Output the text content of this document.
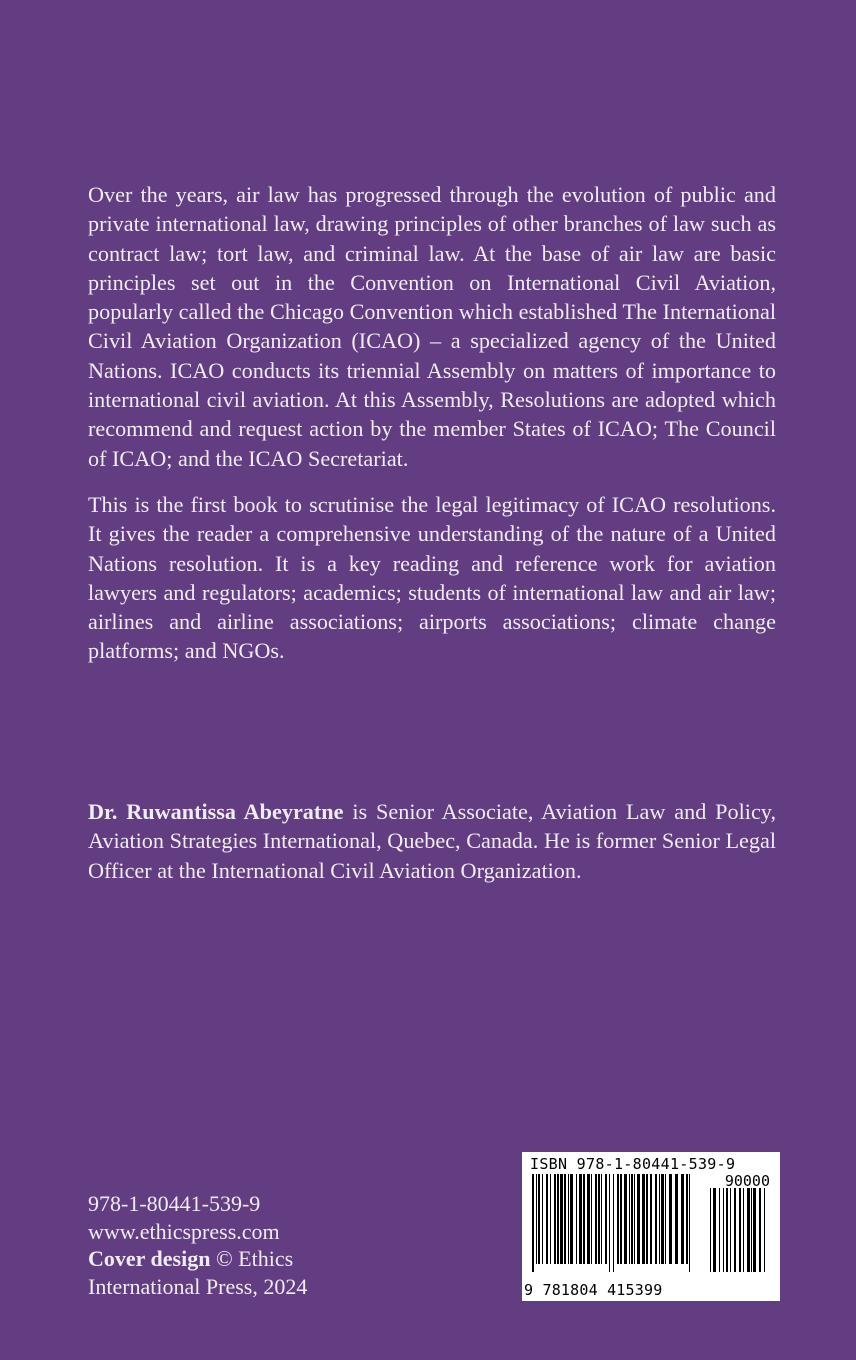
Over the years, air law has progressed through the evolution of public and private international law, drawing principles of other branches of law such as contract law; tort law, and criminal law. At the base of air law are basic principles set out in the Convention on International Civil Aviation, popularly called the Chicago Convention which established The International Civil Aviation Organization (ICAO) – a specialized agency of the United Nations. ICAO conducts its triennial Assembly on matters of importance to international civil aviation. At this Assembly, Resolutions are adopted which recommend and request action by the member States of ICAO; The Council of ICAO; and the ICAO Secretariat.

This is the first book to scrutinise the legal legitimacy of ICAO resolutions. It gives the reader a comprehensive understanding of the nature of a United Nations resolution. It is a key reading and reference work for aviation lawyers and regulators; academics; students of international law and air law; airlines and airline associations; airports associations; climate change platforms; and NGOs.

Dr. Ruwantissa Abeyratne is Senior Associate, Aviation Law and Policy, Aviation Strategies International, Quebec, Canada. He is former Senior Legal Officer at the International Civil Aviation Organization.

978-1-80441-539-9
www.ethicspress.com
Cover design © Ethics
International Press, 2024
ISBN 978-1-80441-539-9
90000
9 781804 415399
